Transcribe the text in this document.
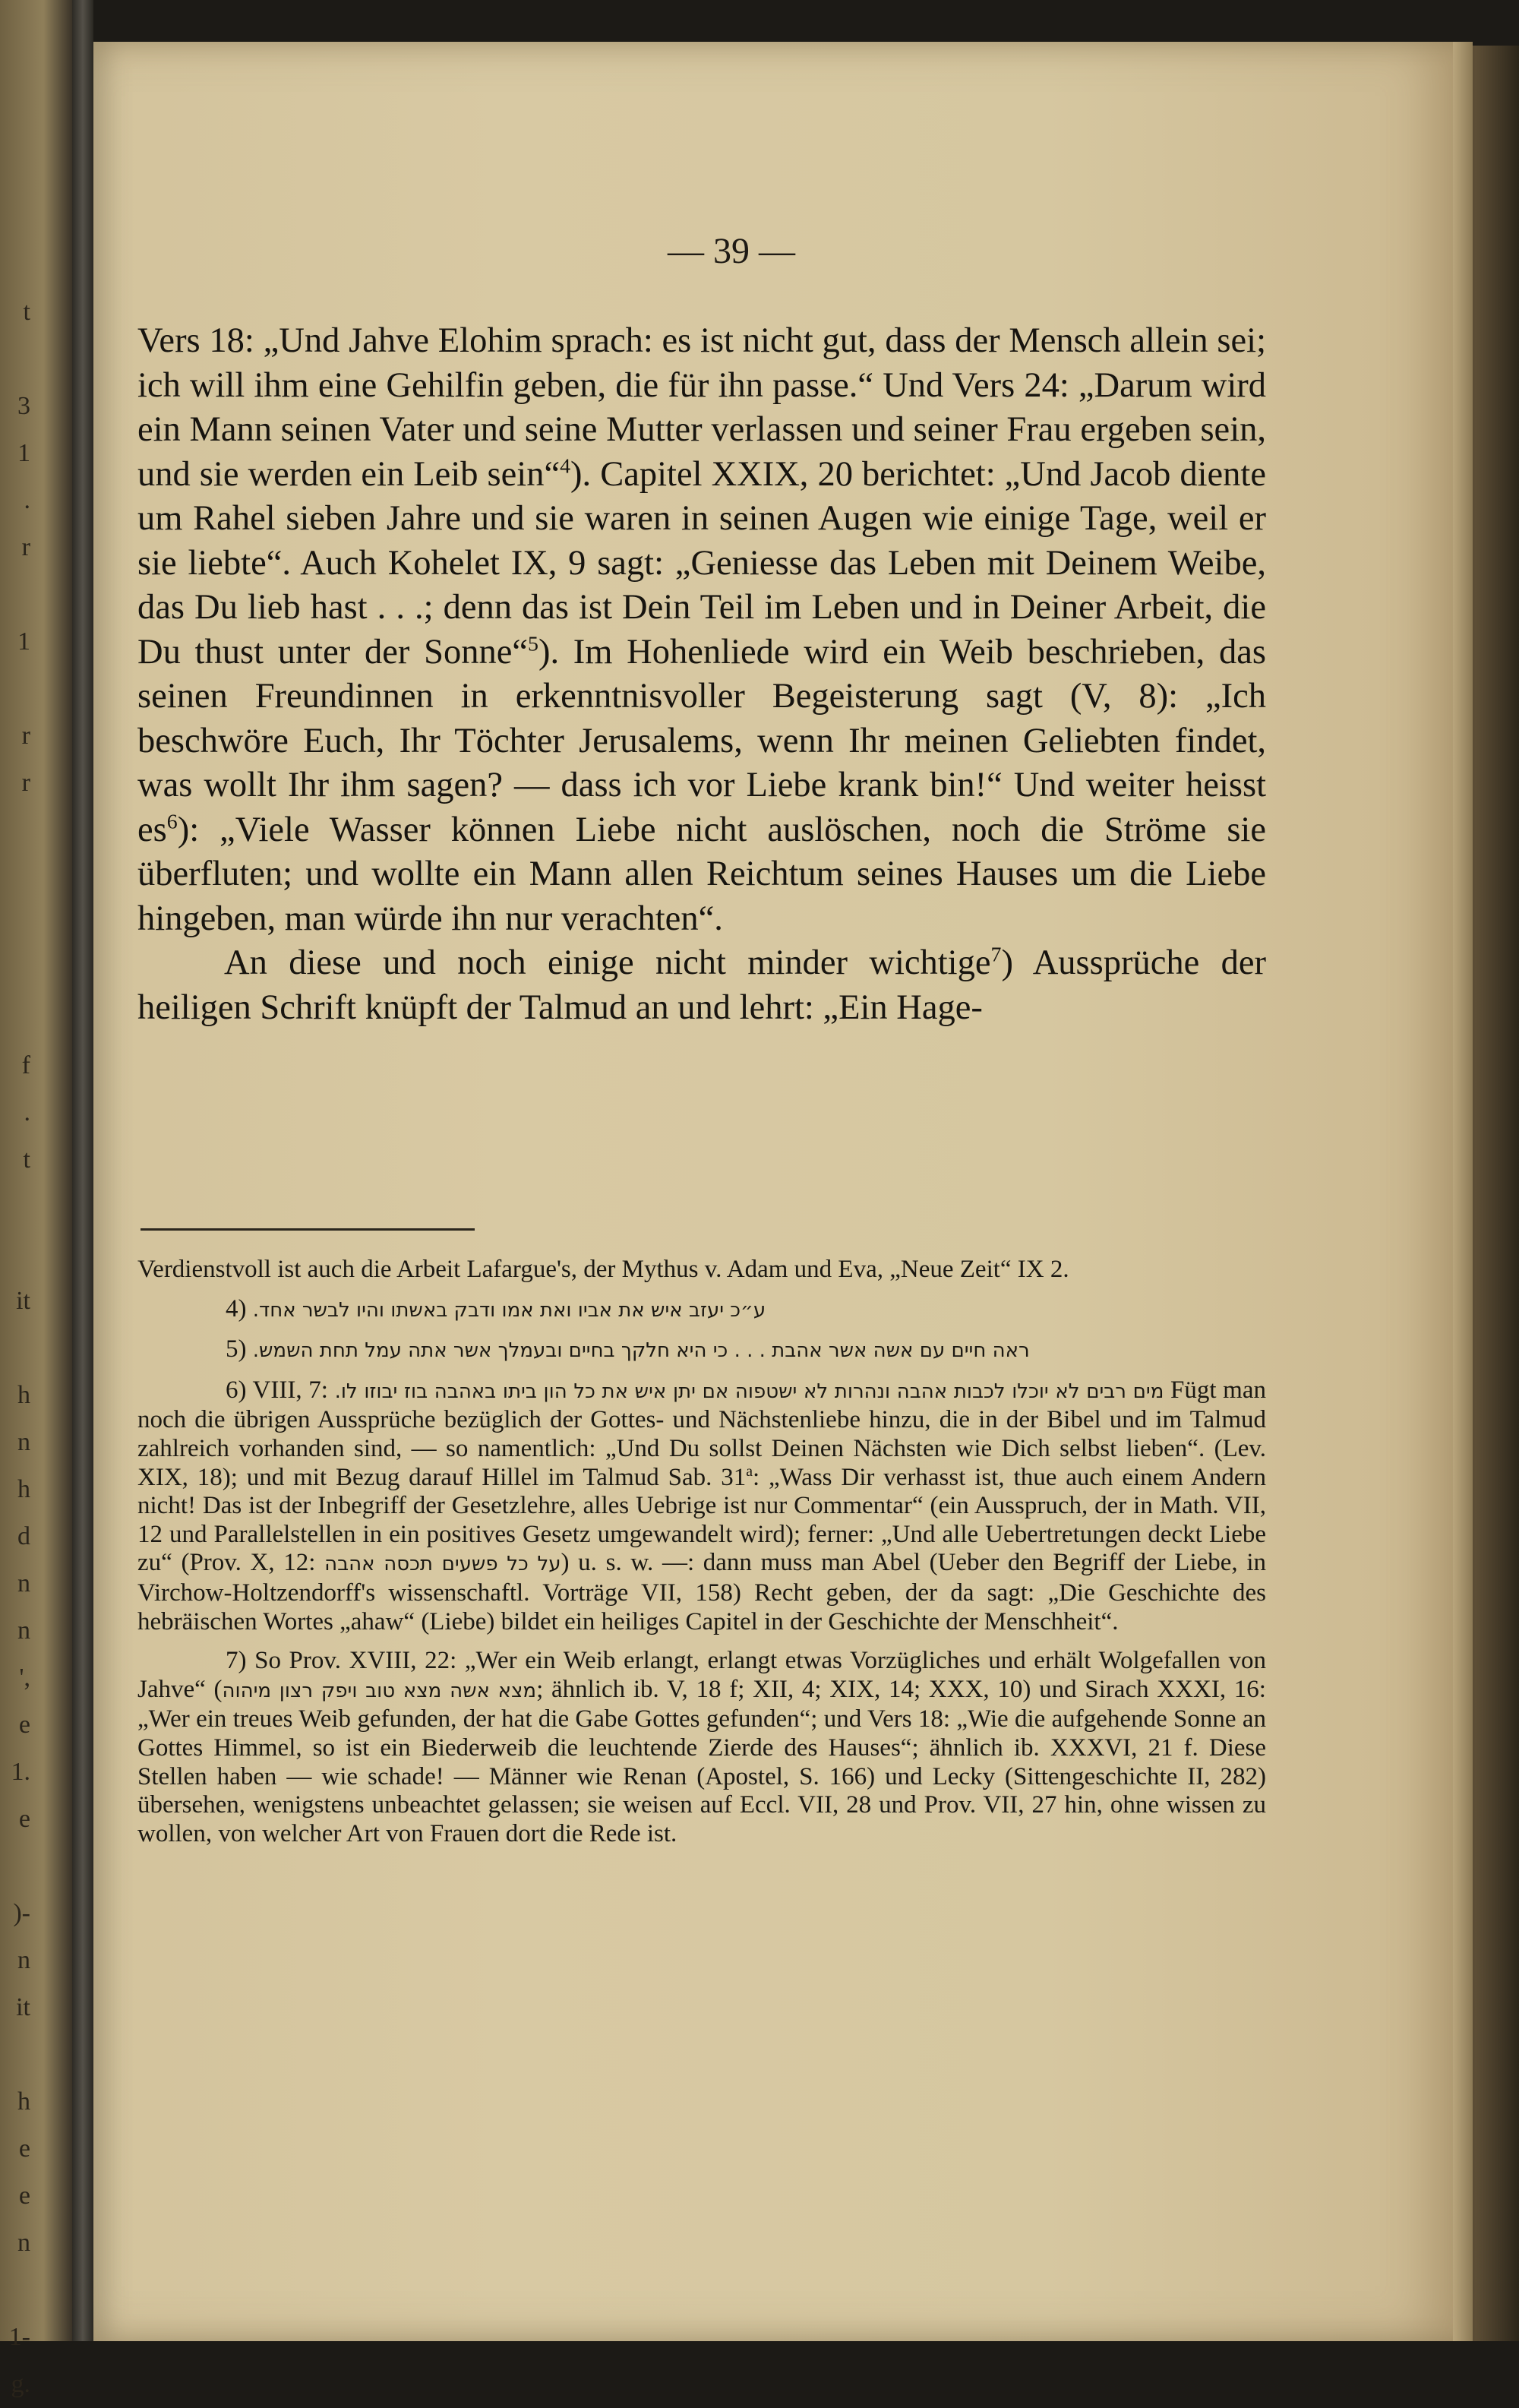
t

3
1
.
r

1

r
r

f
.
t

it

h
n
h
d
n
n
',
e
1.
e

)-
n
it

h
e
e
n

1-
g.
— 39 —

Vers 18: „Und Jahve Elohim sprach: es ist nicht gut, dass der Mensch allein sei; ich will ihm eine Gehilfin geben, die für ihn passe.“ Und Vers 24: „Darum wird ein Mann seinen Vater und seine Mutter verlassen und seiner Frau ergeben sein, und sie werden ein Leib sein“$^4$). Capitel XXIX, 20 berichtet: „Und Jacob diente um Rahel sieben Jahre und sie waren in seinen Augen wie einige Tage, weil er sie liebte“. Auch Kohelet IX, 9 sagt: „Geniesse das Leben mit Deinem Weibe, das Du lieb hast . . .; denn das ist Dein Teil im Leben und in Deiner Arbeit, die Du thust unter der Sonne“$^5$). Im Hohenliede wird ein Weib beschrieben, das seinen Freundinnen in erkenntnisvoller Begeisterung sagt (V, 8): „Ich beschwöre Euch, Ihr Töchter Jerusalems, wenn Ihr meinen Geliebten findet, was wollt Ihr ihm sagen? — dass ich vor Liebe krank bin!“ Und weiter heisst $es^6$): „Viele Wasser können Liebe nicht auslöschen, noch die Ströme sie überfluten; und wollte ein Mann allen Reichtum seines Hauses um die Liebe hingeben, man würde ihn nur verachten“.

An diese und noch einige nicht minder wichtige$^7$) Aussprüche der heiligen Schrift knüpft der Talmud an und lehrt: „Ein Hage-

Verdienstvoll ist auch die Arbeit Lafargue's, der Mythus v. Adam und Eva, „Neue Zeit“ IX 2.

4) ע״כ יעזב איש את אביו ואת אמו ודבק באשתו והיו לבשר אחד.

5) ראה חיים עם אשה אשר אהבת . . . כי היא חלקך בחיים ובעמלך אשר אתה עמל תחת השמש.

6) VIII, 7: מים רבים לא יוכלו לכבות אהבה ונהרות לא ישטפוה אם יתן איש את כל הון ביתו באהבה בוז יבוזו לו. Fügt man noch die übrigen Aussprüche bezüglich der Gottes- und Nächstenliebe hinzu, die in der Bibel und im Talmud zahlreich vorhanden sind, — so namentlich: „Und Du sollst Deinen Nächsten wie Dich selbst lieben“. (Lev. XIX, 18); und mit Bezug darauf Hillel im Talmud Sab. 31$^a$: „Wass Dir verhasst ist, thue auch einem Andern nicht! Das ist der Inbegriff der Gesetzlehre, alles Uebrige ist nur Commentar“ (ein Ausspruch, der in Math. VII, 12 und Parallelstellen in ein positives Gesetz umgewandelt wird); ferner: „Und alle Uebertretungen deckt Liebe zu“ (Prov. X, 12: על כל פשעים תכסה אהבה) u. s. w. —: dann muss man Abel (Ueber den Begriff der Liebe, in Virchow-Holtzendorff's wissenschaftl. Vorträge VII, 158) Recht geben, der da sagt: „Die Geschichte des hebräischen Wortes „ahaw“ (Liebe) bildet ein heiliges Capitel in der Geschichte der Menschheit“.

7) So Prov. XVIII, 22: „Wer ein Weib erlangt, erlangt etwas Vorzügliches und erhält Wolgefallen von Jahve“ (מצא אשה מצא טוב ויפק רצון מיהוה; ähnlich ib. V, 18 f; XII, 4; XIX, 14; XXX, 10) und Sirach XXXI, 16: „Wer ein treues Weib gefunden, der hat die Gabe Gottes gefunden“; und Vers 18: „Wie die aufgehende Sonne an Gottes Himmel, so ist ein Biederweib die leuchtende Zierde des Hauses“; ähnlich ib. XXXVI, 21 f. Diese Stellen haben — wie schade! — Männer wie Renan (Apostel, S. 166) und Lecky (Sittengeschichte II, 282) übersehen, wenigstens unbeachtet gelassen; sie weisen auf Eccl. VII, 28 und Prov. VII, 27 hin, ohne wissen zu wollen, von welcher Art von Frauen dort die Rede ist.
